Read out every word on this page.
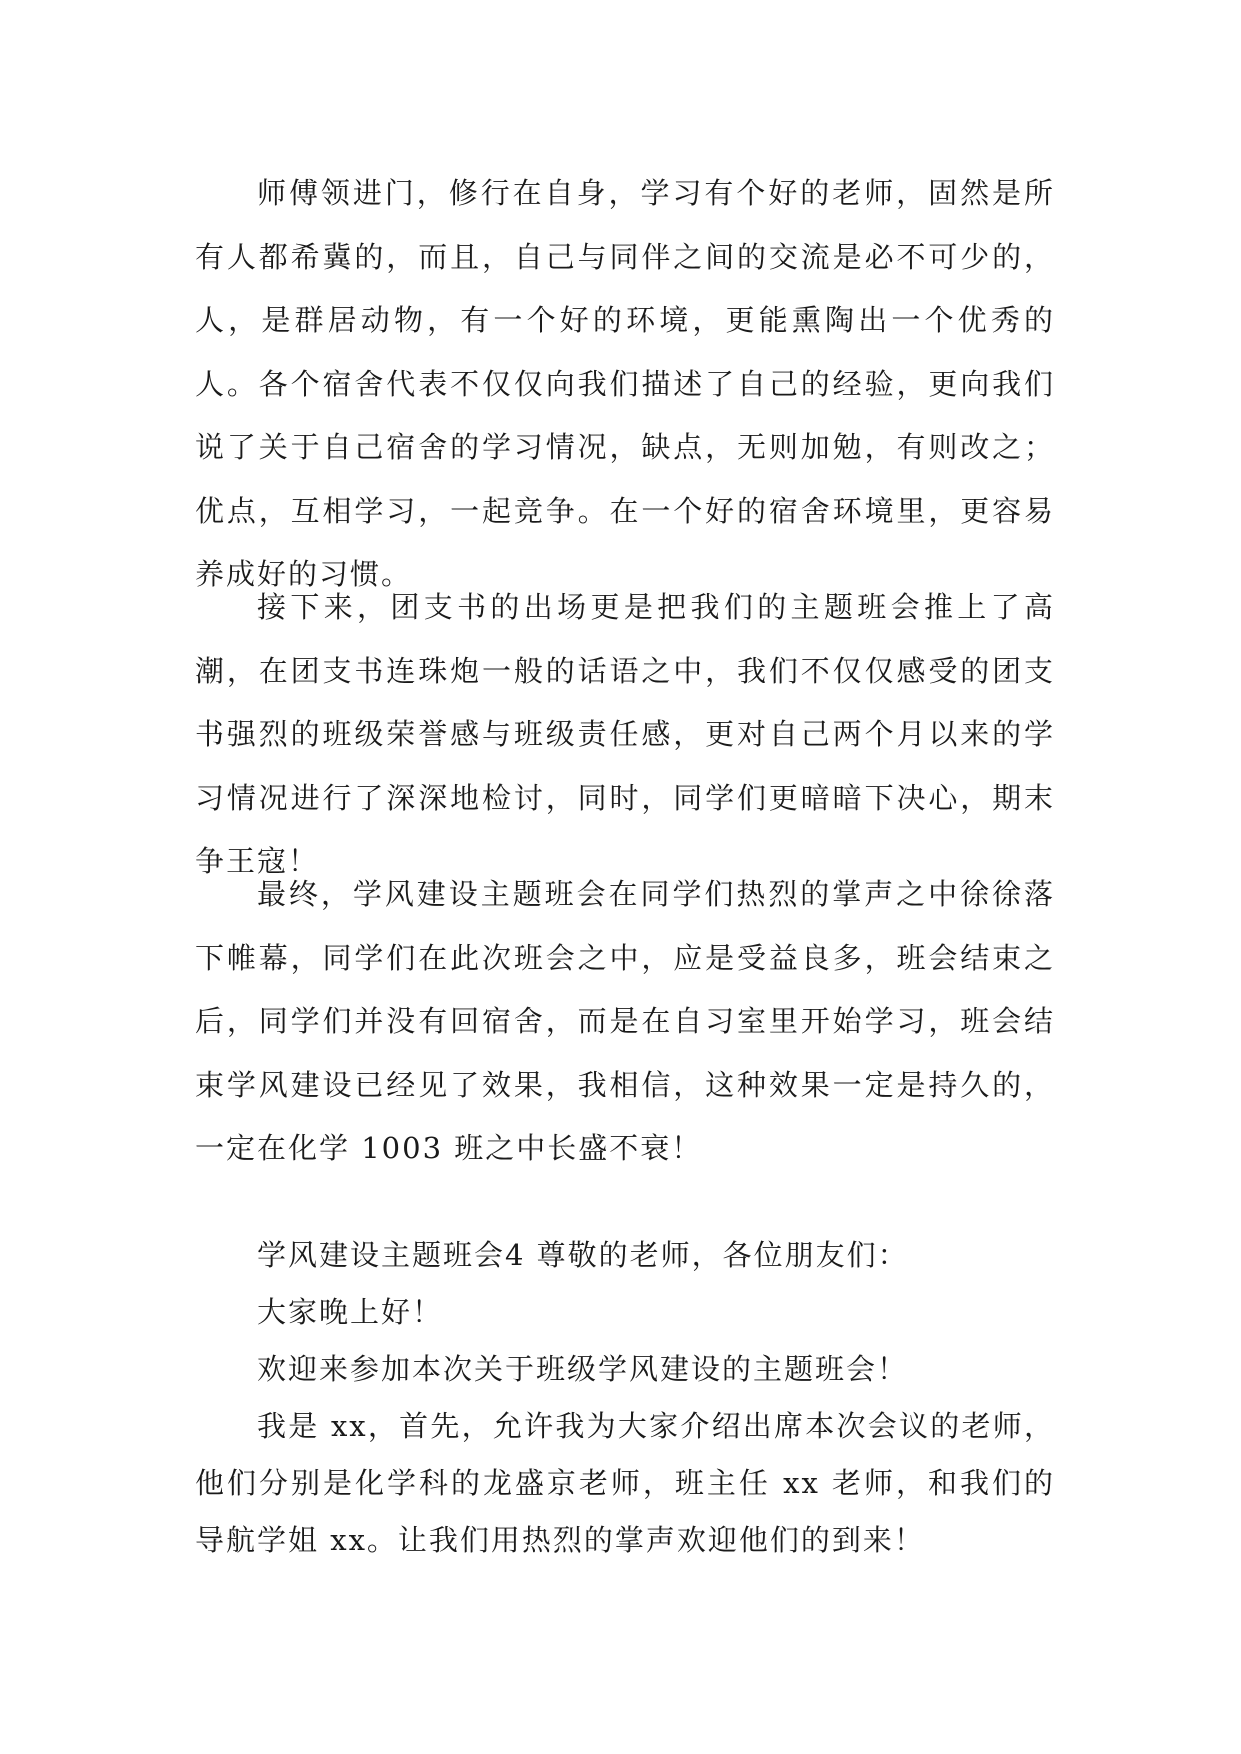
师傅领进门，修行在自身，学习有个好的老师，固然是所有人都希冀的，而且，自己与同伴之间的交流是必不可少的，人，是群居动物，有一个好的环境，更能熏陶出一个优秀的人。各个宿舍代表不仅仅向我们描述了自己的经验，更向我们说了关于自己宿舍的学习情况，缺点，无则加勉，有则改之；优点，互相学习，一起竞争。在一个好的宿舍环境里，更容易养成好的习惯。

接下来，团支书的出场更是把我们的主题班会推上了高潮，在团支书连珠炮一般的话语之中，我们不仅仅感受的团支书强烈的班级荣誉感与班级责任感，更对自己两个月以来的学习情况进行了深深地检讨，同时，同学们更暗暗下决心，期末争王寇！

最终，学风建设主题班会在同学们热烈的掌声之中徐徐落下帷幕，同学们在此次班会之中，应是受益良多，班会结束之后，同学们并没有回宿舍，而是在自习室里开始学习，班会结束学风建设已经见了效果，我相信，这种效果一定是持久的，一定在化学 1003 班之中长盛不衰！

学风建设主题班会4 尊敬的老师，各位朋友们：

大家晚上好！

欢迎来参加本次关于班级学风建设的主题班会！

我是 xx，首先，允许我为大家介绍出席本次会议的老师，他们分别是化学科的龙盛京老师，班主任 xx 老师，和我们的导航学姐 xx。让我们用热烈的掌声欢迎他们的到来！
